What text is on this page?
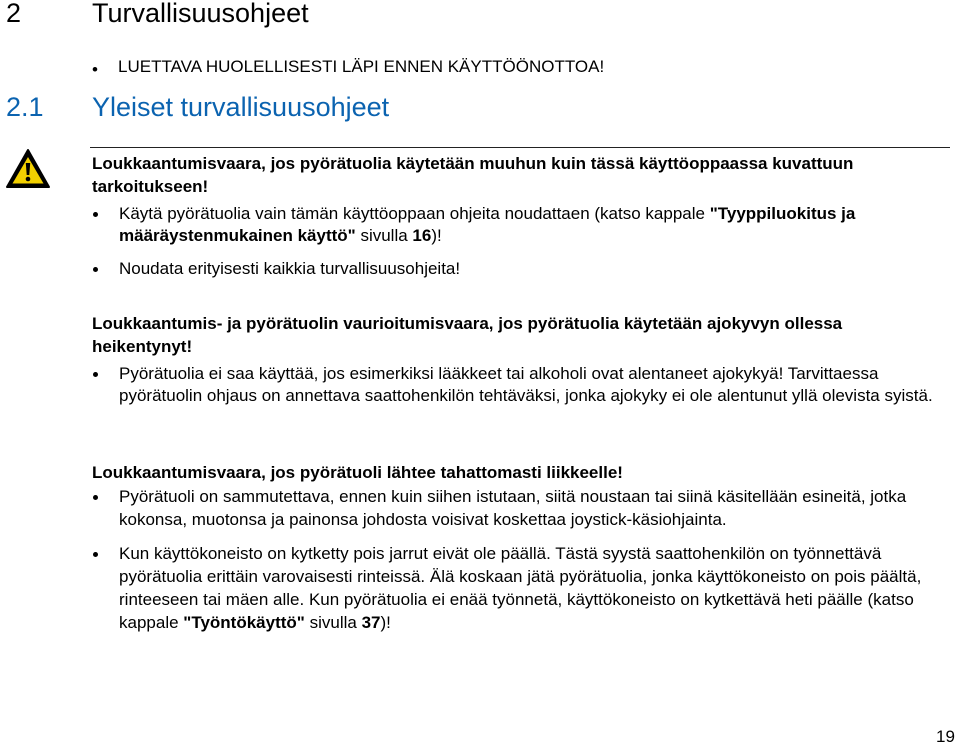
2	Turvallisuusohjeet
• LUETTAVA HUOLELLISESTI LÄPI ENNEN KÄYTTÖÖNOTTOA!
2.1 Yleiset turvallisuusohjeet

Loukkaantumisvaara, jos pyörätuolia käytetään muuhun kuin tässä käyttöoppaassa kuvattuun tarkoitukseen!

Käytä pyörätuolia vain tämän käyttöoppaan ohjeita noudattaen (katso kappale "Tyyppiluokitus ja määräystenmukainen käyttö" sivulla 16)!
Noudata erityisesti kaikkia turvallisuusohjeita!

Loukkaantumis- ja pyörätuolin vaurioitumisvaara, jos pyörätuolia käytetään ajokyvyn ollessa heikentynyt!

Pyörätuolia ei saa käyttää, jos esimerkiksi lääkkeet tai alkoholi ovat alentaneet ajokykyä! Tarvittaessa pyörätuolin ohjaus on annettava saattohenkilön tehtäväksi, jonka ajokyky ei ole alentunut yllä olevista syistä.

Loukkaantumisvaara, jos pyörätuoli lähtee tahattomasti liikkeelle!

Pyörätuoli on sammutettava, ennen kuin siihen istutaan, siitä noustaan tai siinä käsitellään esineitä, jotka kokonsa, muotonsa ja painonsa johdosta voisivat koskettaa joystick-käsiohjainta.
Kun käyttökoneisto on kytketty pois jarrut eivät ole päällä. Tästä syystä saattohenkilön on työnnettävä pyörätuolia erittäin varovaisesti rinteissä. Älä koskaan jätä pyörätuolia, jonka käyttökoneisto on pois päältä, rinteeseen tai mäen alle. Kun pyörätuolia ei enää työnnetä, käyttökoneisto on kytkettävä heti päälle (katso kappale "Työntökäyttö" sivulla 37)!
19
